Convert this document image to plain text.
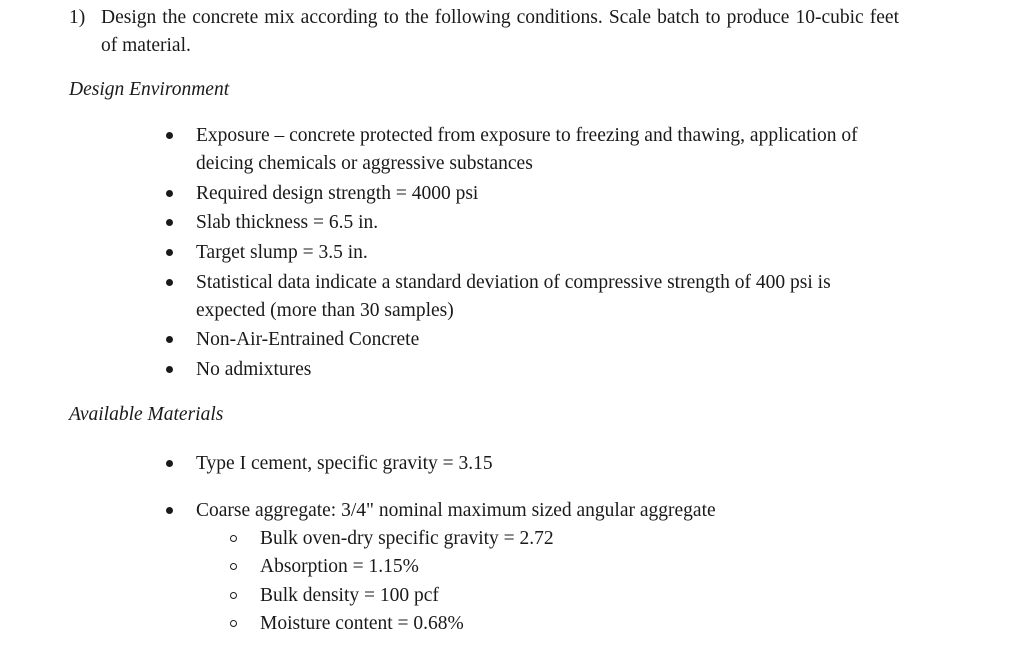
1) Design the concrete mix according to the following conditions. Scale batch to produce 10-cubic feet of material.
Design Environment
Exposure – concrete protected from exposure to freezing and thawing, application of deicing chemicals or aggressive substances
Required design strength = 4000 psi
Slab thickness = 6.5 in.
Target slump = 3.5 in.
Statistical data indicate a standard deviation of compressive strength of 400 psi is expected (more than 30 samples)
Non-Air-Entrained Concrete
No admixtures
Available Materials
Type I cement, specific gravity = 3.15
Coarse aggregate: 3/4" nominal maximum sized angular aggregate
Bulk oven-dry specific gravity = 2.72
Absorption = 1.15%
Bulk density = 100 pcf
Moisture content = 0.68%
